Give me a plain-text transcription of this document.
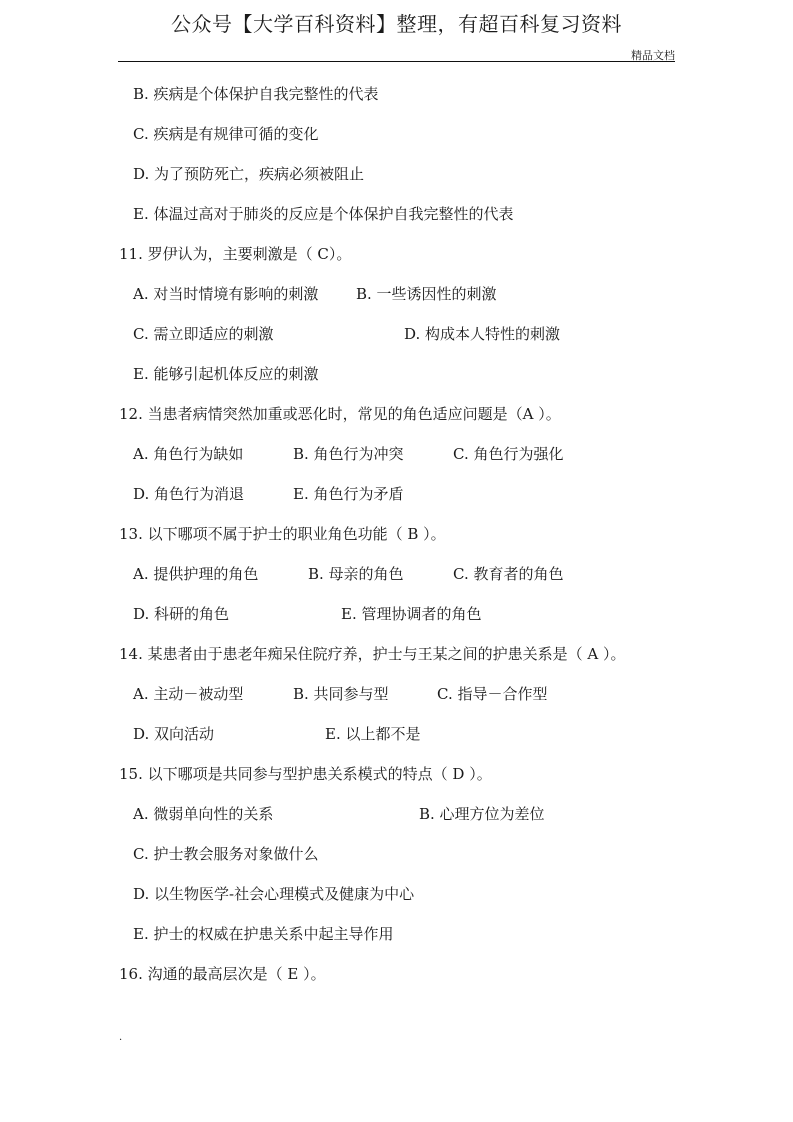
公众号【大学百科资料】整理，有超百科复习资料
精品文档
B. 疾病是个体保护自我完整性的代表
C. 疾病是有规律可循的变化
D. 为了预防死亡，疾病必须被阻止
E. 体温过高对于肺炎的反应是个体保护自我完整性的代表
11. 罗伊认为，主要刺激是（ C）。
A. 对当时情境有影响的刺激	B. 一些诱因性的刺激
C. 需立即适应的刺激	D. 构成本人特性的刺激
E. 能够引起机体反应的刺激
12. 当患者病情突然加重或恶化时，常见的角色适应问题是（A ）。
A. 角色行为缺如	B. 角色行为冲突	C. 角色行为强化
D. 角色行为消退	E. 角色行为矛盾
13. 以下哪项不属于护士的职业角色功能（ B ）。
A. 提供护理的角色	B. 母亲的角色	C. 教育者的角色
D. 科研的角色	E. 管理协调者的角色
14. 某患者由于患老年痴呆住院疗养，护士与王某之间的护患关系是（ A ）。
A. 主动－被动型	B. 共同参与型	C. 指导－合作型
D. 双向活动	E. 以上都不是
15. 以下哪项是共同参与型护患关系模式的特点（ D ）。
A. 微弱单向性的关系	B. 心理方位为差位
C. 护士教会服务对象做什么
D. 以生物医学-社会心理模式及健康为中心
E. 护士的权威在护患关系中起主导作用
16. 沟通的最高层次是（ E ）。
.
